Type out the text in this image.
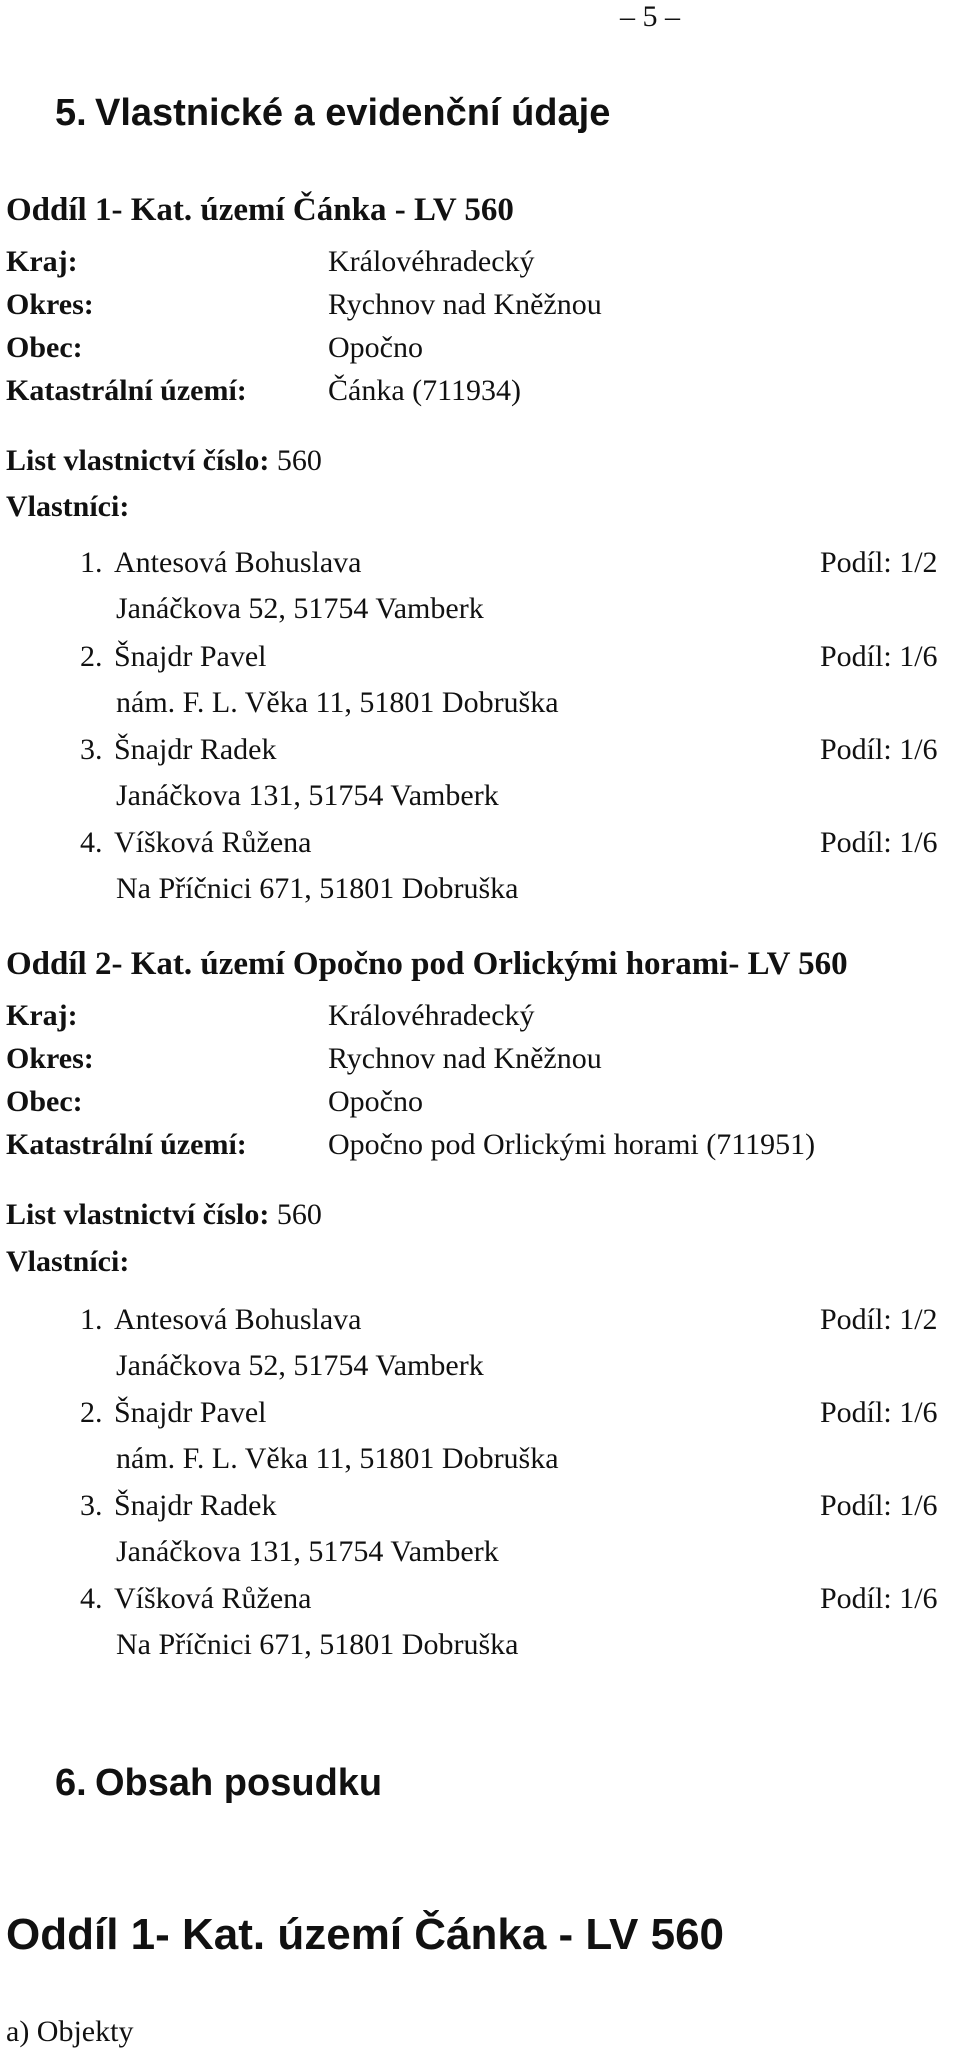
– 5 –
5. Vlastnické a evidenční údaje
Oddíl 1- Kat. území Čánka - LV 560
Kraj:	Královéhradecký
Okres:	Rychnov nad Kněžnou
Obec:	Opočno
Katastrální území:	Čánka (711934)
List vlastnictví číslo: 560
Vlastníci:
1. Antesová Bohuslava	Podíl: 1/2
Janáčkova 52, 51754 Vamberk
2. Šnajdr Pavel	Podíl: 1/6
nám. F. L. Věka 11, 51801 Dobruška
3. Šnajdr Radek	Podíl: 1/6
Janáčkova 131, 51754 Vamberk
4. Víšková Růžena	Podíl: 1/6
Na Příčnici 671, 51801 Dobruška
Oddíl 2- Kat. území Opočno pod Orlickými horami- LV 560
Kraj:	Královéhradecký
Okres:	Rychnov nad Kněžnou
Obec:	Opočno
Katastrální území:	Opočno pod Orlickými horami (711951)
List vlastnictví číslo: 560
Vlastníci:
1. Antesová Bohuslava	Podíl: 1/2
Janáčkova 52, 51754 Vamberk
2. Šnajdr Pavel	Podíl: 1/6
nám. F. L. Věka 11, 51801 Dobruška
3. Šnajdr Radek	Podíl: 1/6
Janáčkova 131, 51754 Vamberk
4. Víšková Růžena	Podíl: 1/6
Na Příčnici 671, 51801 Dobruška
6. Obsah posudku
Oddíl 1- Kat. území Čánka - LV 560
a) Objekty
